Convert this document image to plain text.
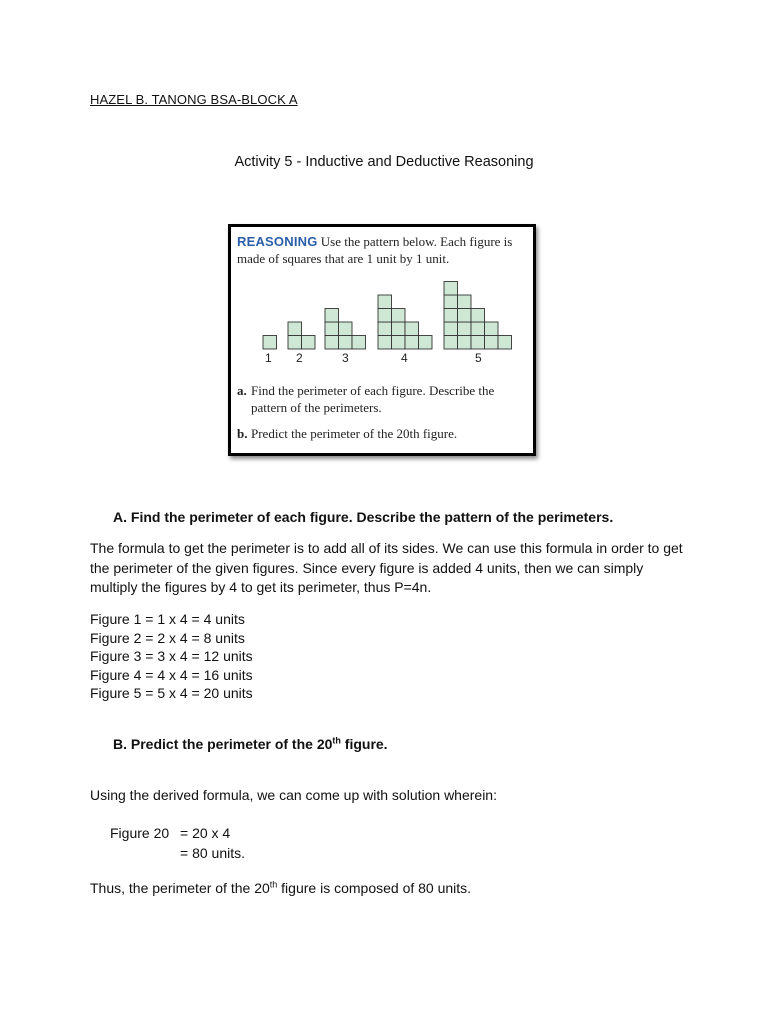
HAZEL B. TANONG BSA-BLOCK A
Activity 5 - Inductive and Deductive Reasoning
REASONING Use the pattern below. Each figure is
made of squares that are 1 unit by 1 unit.
1 2	3	4	5
a. Find the perimeter of each figure. Describe the
pattern of the perimeters.
b. Predict the perimeter of the 20th figure.
A. Find the perimeter of each figure. Describe the pattern of the perimeters.
The formula to get the perimeter is to add all of its sides. We can use this formula in order to get
the perimeter of the given figures. Since every figure is added 4 units, then we can simply
multiply the figures by 4 to get its perimeter, thus P=4n.
Figure 1 = 1 x 4 = 4 units
Figure 2 = 2 x 4 = 8 units
Figure 3 = 3 x 4 = 12 units
Figure 4 = 4 x 4 = 16 units
Figure 5 = 5 x 4 = 20 units
B. Predict the perimeter of the 20th figure.
Using the derived formula, we can come up with solution wherein:
Figure 20 = 20 x 4
= 80 units.
Thus, the perimeter of the 20th figure is composed of 80 units.
